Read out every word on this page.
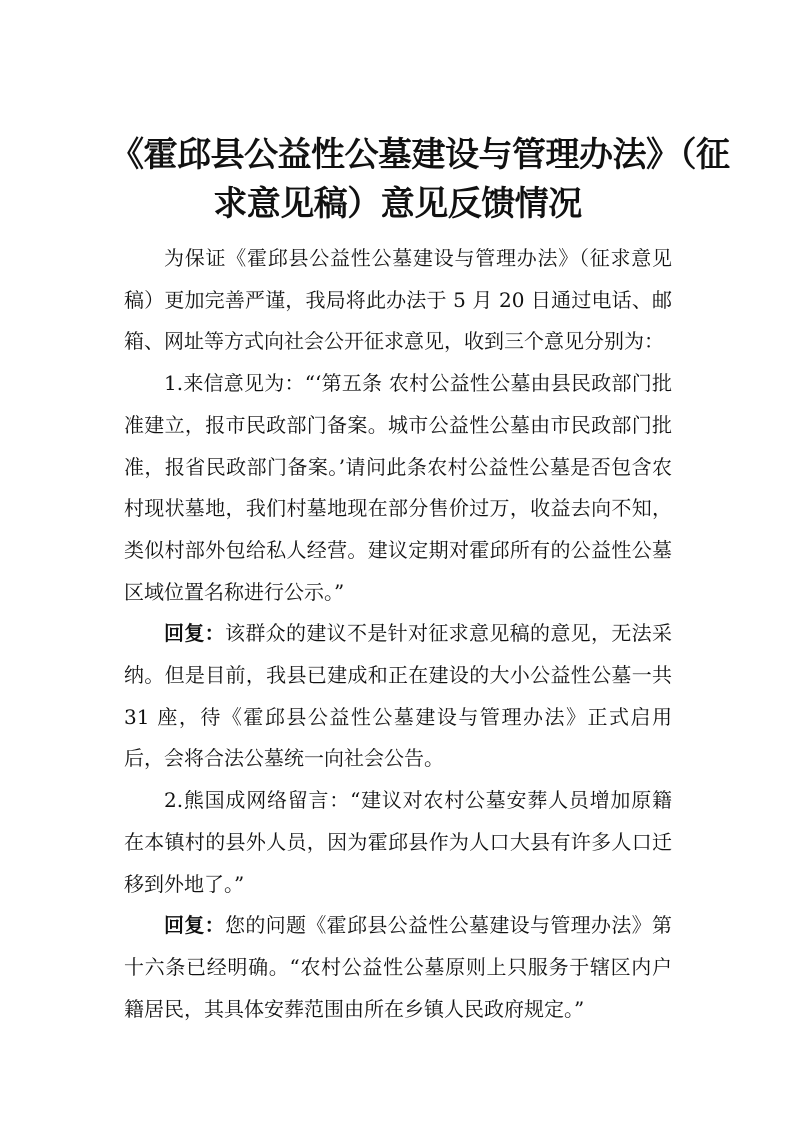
《霍邱县公益性公墓建设与管理办法》（征
求意见稿）意见反馈情况

为保证《霍邱县公益性公墓建设与管理办法》（征求意见稿）更加完善严谨，我局将此办法于 5 月 20 日通过电话、邮箱、网址等方式向社会公开征求意见，收到三个意见分别为：

1.来信意见为：“‘第五条 农村公益性公墓由县民政部门批准建立，报市民政部门备案。城市公益性公墓由市民政部门批准，报省民政部门备案。’请问此条农村公益性公墓是否包含农村现状墓地，我们村墓地现在部分售价过万，收益去向不知，类似村部外包给私人经营。建议定期对霍邱所有的公益性公墓区域位置名称进行公示。”

回复：该群众的建议不是针对征求意见稿的意见，无法采纳。但是目前，我县已建成和正在建设的大小公益性公墓一共 31 座，待《霍邱县公益性公墓建设与管理办法》正式启用后，会将合法公墓统一向社会公告。

2.熊国成网络留言：“建议对农村公墓安葬人员增加原籍在本镇村的县外人员，因为霍邱县作为人口大县有许多人口迁移到外地了。”

回复：您的问题《霍邱县公益性公墓建设与管理办法》第十六条已经明确。“农村公益性公墓原则上只服务于辖区内户籍居民，其具体安葬范围由所在乡镇人民政府规定。”
